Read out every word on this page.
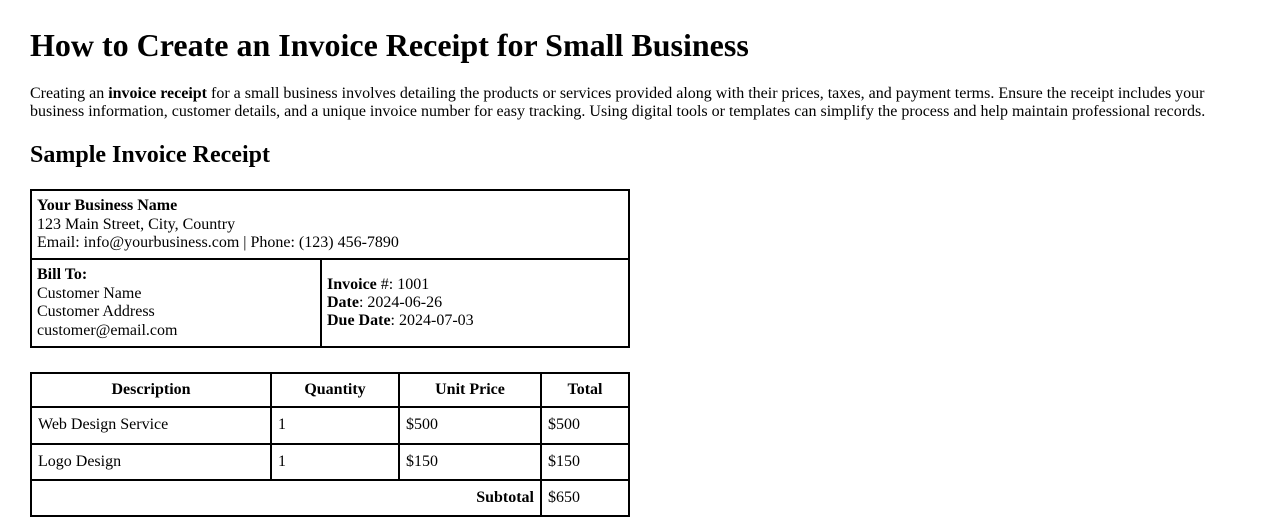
How to Create an Invoice Receipt for Small Business

Creating an invoice receipt for a small business involves detailing the products or services provided along with their prices, taxes, and payment terms. Ensure the receipt includes your business information, customer details, and a unique invoice number for easy tracking. Using digital tools or templates can simplify the process and help maintain professional records.

Sample Invoice Receipt
Your Business Name
123 Main Street, City, Country
Email: info@yourbusiness.com | Phone: (123) 456-7890

Bill To:
Customer Name
Customer Address
customer@email.com

Invoice #: 1001
Date: 2024-06-26
Due Date: 2024-07-03
Description	Quantity	Unit Price	Total
Web Design Service	1	$500	$500
Logo Design	1	$150	$150
Subtotal			$650
